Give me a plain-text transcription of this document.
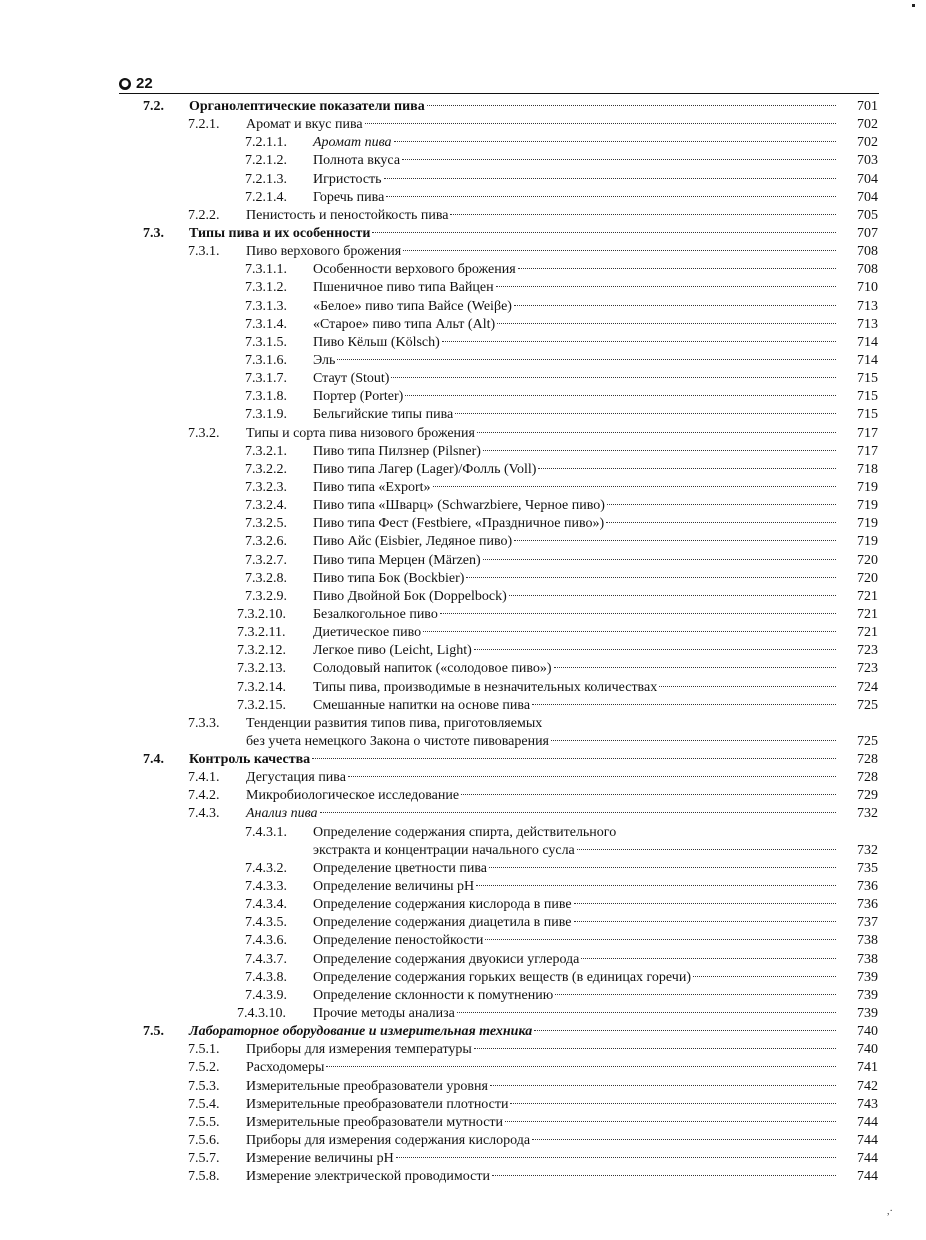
● 22
7.2. Органолептические показатели пива	701
7.2.1. Аромат и вкус пива	702
7.2.1.1. Аромат пива	702
7.2.1.2. Полнота вкуса	703
7.2.1.3. Игристость	704
7.2.1.4. Горечь пива	704
7.2.2. Пенистость и пеностойкость пива	705
7.3. Типы пива и их особенности	707
7.3.1. Пиво верхового брожения	708
7.3.1.1. Особенности верхового брожения	708
7.3.1.2. Пшеничное пиво типа Вайцен	710
7.3.1.3. «Белое» пиво типа Вайсе (Weiβe)	713
7.3.1.4. «Старое» пиво типа Альт (Alt)	713
7.3.1.5. Пиво Кёльш (Kölsch)	714
7.3.1.6. Эль	714
7.3.1.7. Стаут (Stout)	715
7.3.1.8. Портер (Porter)	715
7.3.1.9. Бельгийские типы пива	715
7.3.2. Типы и сорта пива низового брожения	717
7.3.2.1. Пиво типа Пилзнер (Pilsner)	717
7.3.2.2. Пиво типа Лагер (Lager)/Фолль (Voll)	718
7.3.2.3. Пиво типа «Export»	719
7.3.2.4. Пиво типа «Шварц» (Schwarzbiere, Черное пиво)	719
7.3.2.5. Пиво типа Фест (Festbiere, «Праздничное пиво»)	719
7.3.2.6. Пиво Айс (Eisbier, Ледяное пиво)	719
7.3.2.7. Пиво типа Мерцен (Märzen)	720
7.3.2.8. Пиво типа Бок (Bockbier)	720
7.3.2.9. Пиво Двойной Бок (Doppelbock)	721
7.3.2.10. Безалкогольное пиво	721
7.3.2.11. Диетическое пиво	721
7.3.2.12. Легкое пиво (Leicht, Light)	723
7.3.2.13. Солодовый напиток («солодовое пиво»)	723
7.3.2.14. Типы пива, производимые в незначительных количествах	724
7.3.2.15. Смешанные напитки на основе пива	725
7.3.3. Тенденции развития типов пива, приготовляемых
без учета немецкого Закона о чистоте пивоварения	725
7.4. Контроль качества	728
7.4.1. Дегустация пива	728
7.4.2. Микробиологическое исследование	729
7.4.3. Анализ пива	732
7.4.3.1. Определение содержания спирта, действительного
экстракта и концентрации начального сусла	732
7.4.3.2. Определение цветности пива	735
7.4.3.3. Определение величины pH	736
7.4.3.4. Определение содержания кислорода в пиве	736
7.4.3.5. Определение содержания диацетила в пиве	737
7.4.3.6. Определение пеностойкости	738
7.4.3.7. Определение содержания двуокиси углерода	738
7.4.3.8. Определение содержания горьких веществ (в единицах горечи)	739
7.4.3.9. Определение склонности к помутнению	739
7.4.3.10. Прочие методы анализа	739
7.5. Лабораторное оборудование и измерительная техника	740
7.5.1. Приборы для измерения температуры	740
7.5.2. Расходомеры	741
7.5.3. Измерительные преобразователи уровня	742
7.5.4. Измерительные преобразователи плотности	743
7.5.5. Измерительные преобразователи мутности	744
7.5.6. Приборы для измерения содержания кислорода	744
7.5.7. Измерение величины pH	744
7.5.8. Измерение электрической проводимости	744
,·
